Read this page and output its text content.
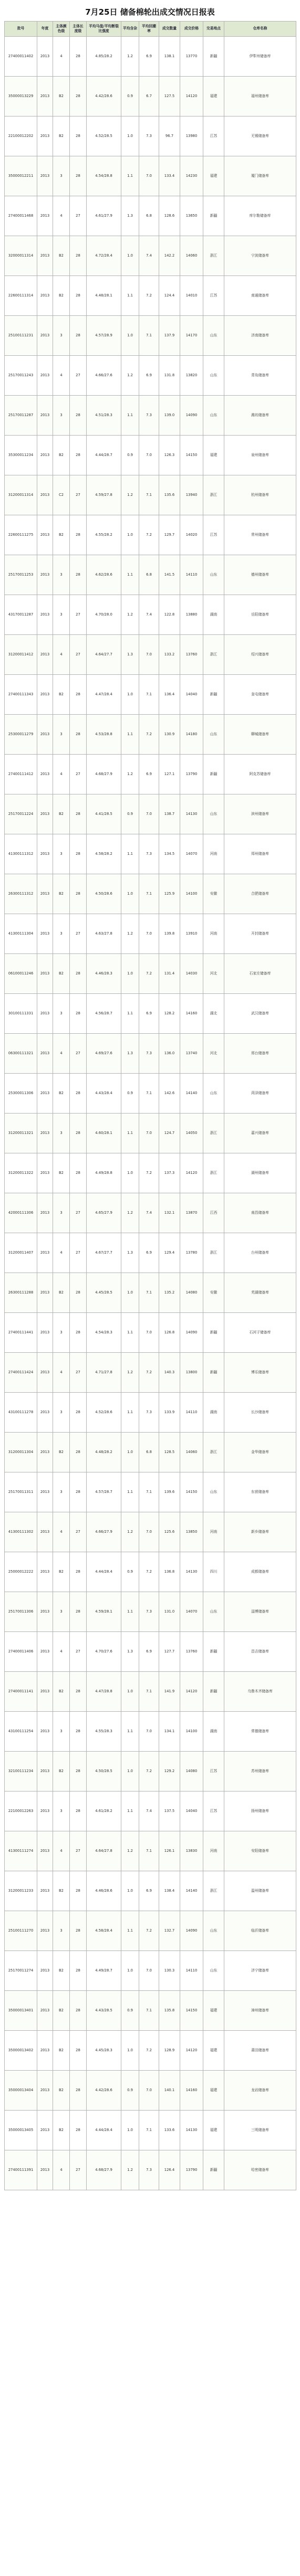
7月25日 储备棉轮出成交情况日报表
批号	年度	主体颜色级	主体长度级	平均马值/平均断裂比强度	平均含杂	平均回潮率	成交数量	成交价格	交易地点	仓库名称
27400011402	2013	4	28	4.85/28.2	1.2	6.9	138.1	13770	新疆	伊犁州储备库
35000013229	2013	B2	28	4.42/28.6	0.9	6.7	127.5	14120	福建	福州储备库
22100012202	2013	B2	28	4.52/28.5	1.0	7.3	96.7	13980	江苏	无锡储备库
35000012211	2013	3	28	4.54/28.8	1.1	7.0	133.4	14230	福建	厦门储备库
27400011468	2013	4	27	4.61/27.9	1.3	6.8	128.6	13650	新疆	库尔勒储备库
32000011314	2013	B2	28	4.72/28.4	1.0	7.4	142.2	14060	浙江	宁波储备库
22600111314	2013	B2	28	4.48/28.1	1.1	7.2	124.4	14010	江苏	南通储备库
25100111231	2013	3	28	4.57/28.9	1.0	7.1	137.9	14170	山东	济南储备库
25170011243	2013	4	27	4.66/27.6	1.2	6.9	131.8	13820	山东	青岛储备库
25170011287	2013	3	28	4.51/28.3	1.1	7.3	139.0	14090	山东	潍坊储备库
35300011234	2013	B2	28	4.44/28.7	0.9	7.0	126.3	14150	福建	泉州储备库
31200011314	2013	C2	27	4.59/27.8	1.2	7.1	135.6	13940	浙江	杭州储备库
22600111275	2013	B2	28	4.55/28.2	1.0	7.2	129.7	14020	江苏	常州储备库
25170011253	2013	3	28	4.62/28.6	1.1	6.8	141.5	14110	山东	德州储备库
43170011287	2013	3	27	4.70/28.0	1.2	7.4	122.8	13880	湖南	岳阳储备库
31200011412	2013	4	27	4.64/27.7	1.3	7.0	133.2	13760	浙江	绍兴储备库
27400111343	2013	B2	28	4.47/28.4	1.0	7.1	136.4	14040	新疆	奎屯储备库
25300011279	2013	3	28	4.53/28.8	1.1	7.2	130.9	14180	山东	聊城储备库
27400111412	2013	4	27	4.68/27.9	1.2	6.9	127.1	13790	新疆	阿克苏储备库
25170011224	2013	B2	28	4.41/28.5	0.9	7.0	138.7	14130	山东	滨州储备库
41300111312	2013	3	28	4.58/28.2	1.1	7.3	134.5	14070	河南	郑州储备库
26300111312	2013	B2	28	4.50/28.6	1.0	7.1	125.9	14100	安徽	合肥储备库
41300111304	2013	3	27	4.63/27.8	1.2	7.0	139.8	13910	河南	开封储备库
06100011246	2013	B2	28	4.46/28.3	1.0	7.2	131.4	14030	河北	石家庄储备库
30100111331	2013	3	28	4.56/28.7	1.1	6.9	128.2	14160	湖北	武汉储备库
06300111321	2013	4	27	4.69/27.6	1.3	7.3	136.0	13740	河北	邢台储备库
25300011306	2013	B2	28	4.43/28.4	0.9	7.1	142.6	14140	山东	菏泽储备库
31200011321	2013	3	28	4.60/28.1	1.1	7.0	124.7	14050	浙江	嘉兴储备库
31200011322	2013	B2	28	4.49/28.8	1.0	7.2	137.3	14120	浙江	湖州储备库
42000111306	2013	3	27	4.65/27.9	1.2	7.4	132.1	13870	江西	南昌储备库
31200011407	2013	4	27	4.67/27.7	1.3	6.9	129.4	13780	浙江	台州储备库
26300111288	2013	B2	28	4.45/28.5	1.0	7.1	135.2	14080	安徽	芜湖储备库
27400111441	2013	3	28	4.54/28.3	1.1	7.0	126.8	14090	新疆	石河子储备库
27400111424	2013	4	27	4.71/27.8	1.2	7.2	140.3	13800	新疆	博乐储备库
43100111278	2013	3	28	4.52/28.6	1.1	7.3	133.9	14110	湖南	长沙储备库
31200011304	2013	B2	28	4.48/28.2	1.0	6.8	128.5	14060	浙江	金华储备库
25170011311	2013	3	28	4.57/28.7	1.1	7.1	139.6	14150	山东	东营储备库
41300111302	2013	4	27	4.66/27.9	1.2	7.0	125.6	13850	河南	新乡储备库
25000012222	2013	B2	28	4.44/28.4	0.9	7.2	136.8	14130	四川	成都储备库
25170011306	2013	3	28	4.59/28.1	1.1	7.3	131.0	14070	山东	淄博储备库
27400011406	2013	4	27	4.70/27.6	1.3	6.9	127.7	13760	新疆	昌吉储备库
27400011141	2013	B2	28	4.47/28.8	1.0	7.1	141.9	14120	新疆	乌鲁木齐储备库
43100111254	2013	3	28	4.55/28.3	1.1	7.0	134.1	14100	湖南	常德储备库
32100111234	2013	B2	28	4.50/28.5	1.0	7.2	129.2	14080	江苏	苏州储备库
22100012263	2013	3	28	4.61/28.2	1.1	7.4	137.5	14040	江苏	扬州储备库
41300111274	2013	4	27	4.64/27.8	1.2	7.1	126.1	13830	河南	安阳储备库
31200011233	2013	B2	28	4.46/28.6	1.0	6.9	138.4	14140	浙江	温州储备库
25100111270	2013	3	28	4.58/28.4	1.1	7.2	132.7	14090	山东	临沂储备库
25170011274	2013	B2	28	4.49/28.7	1.0	7.0	130.3	14110	山东	济宁储备库
35000013401	2013	B2	28	4.43/28.5	0.9	7.1	135.8	14150	福建	漳州储备库
35000013402	2013	B2	28	4.45/28.3	1.0	7.2	128.9	14120	福建	莆田储备库
35000013404	2013	B2	28	4.42/28.6	0.9	7.0	140.1	14160	福建	龙岩储备库
35000013405	2013	B2	28	4.44/28.4	1.0	7.1	133.6	14130	福建	三明储备库
27400111391	2013	4	27	4.68/27.9	1.2	7.3	126.4	13790	新疆	哈密储备库
